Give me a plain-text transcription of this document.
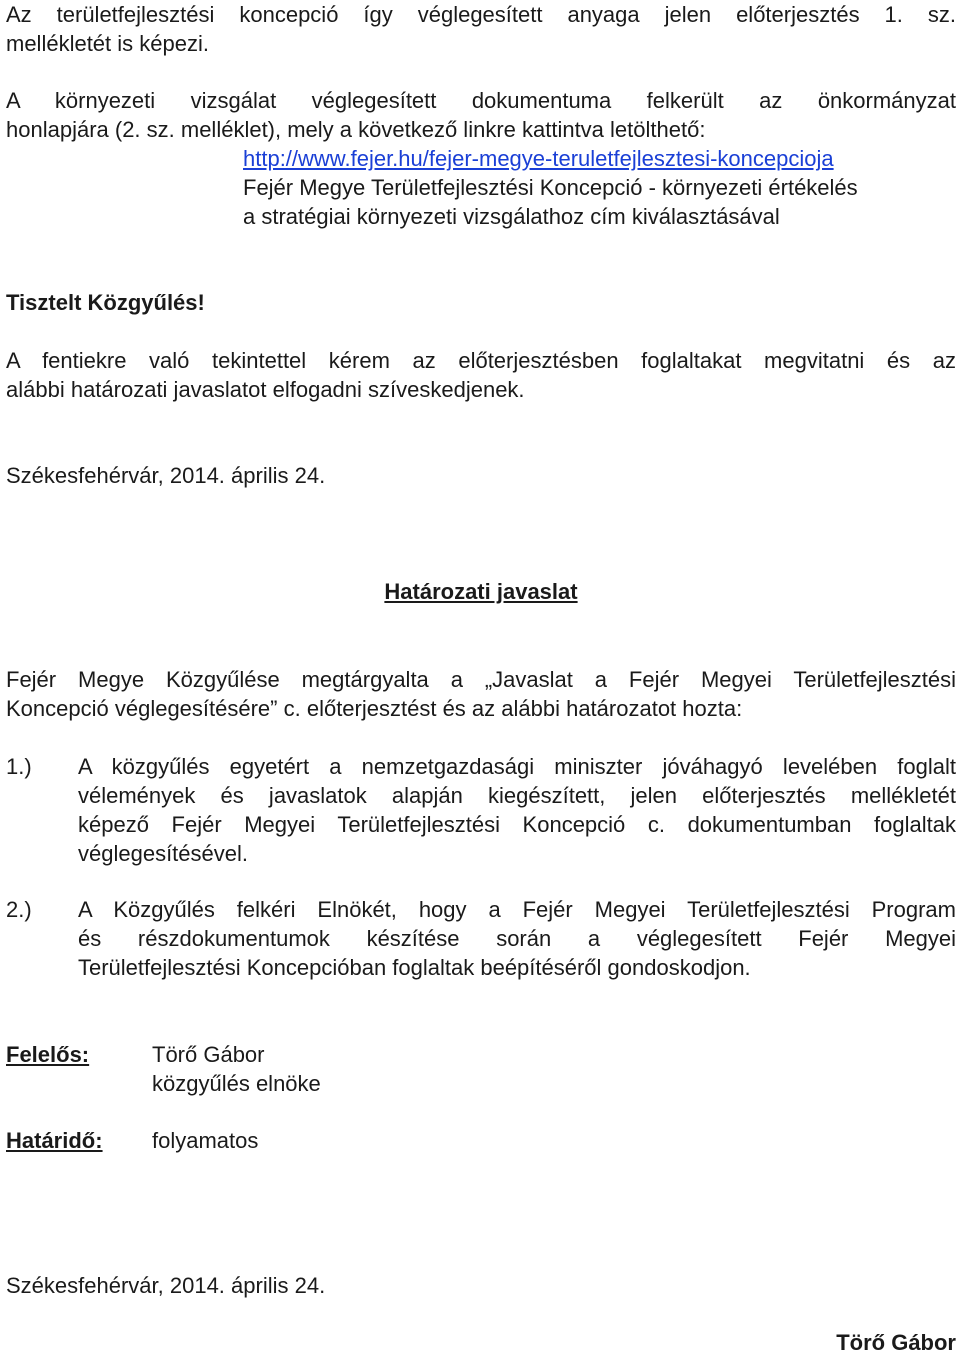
Az területfejlesztési koncepció így véglegesített anyaga jelen előterjesztés 1. sz.
mellékletét is képezi.
A környezeti vizsgálat véglegesített dokumentuma felkerült az önkormányzat
honlapjára (2. sz. melléklet), mely a következő linkre kattintva letölthető:
http://www.fejer.hu/fejer-megye-teruletfejlesztesi-koncepcioja
Fejér Megye Területfejlesztési Koncepció - környezeti értékelés
a stratégiai környezeti vizsgálathoz cím kiválasztásával
Tisztelt Közgyűlés!
A fentiekre való tekintettel kérem az előterjesztésben foglaltakat megvitatni és az
alábbi határozati javaslatot elfogadni szíveskedjenek.
Székesfehérvár, 2014. április 24.
Határozati javaslat
Fejér Megye Közgyűlése megtárgyalta a „Javaslat a Fejér Megyei Területfejlesztési
Koncepció véglegesítésére” c. előterjesztést és az alábbi határozatot hozta:
1.) A közgyűlés egyetért a nemzetgazdasági miniszter jóváhagyó levelében foglalt
vélemények és javaslatok alapján kiegészített, jelen előterjesztés mellékletét
képező Fejér Megyei Területfejlesztési Koncepció c. dokumentumban foglaltak
véglegesítésével.
2.) A Közgyűlés felkéri Elnökét, hogy a Fejér Megyei Területfejlesztési Program
és részdokumentumok készítése során a véglegesített Fejér Megyei
Területfejlesztési Koncepcióban foglaltak beépítéséről gondoskodjon.
Felelős:	Törő Gábor
közgyűlés elnöke
Határidő: folyamatos
Székesfehérvár, 2014. április 24.
Törő Gábor
